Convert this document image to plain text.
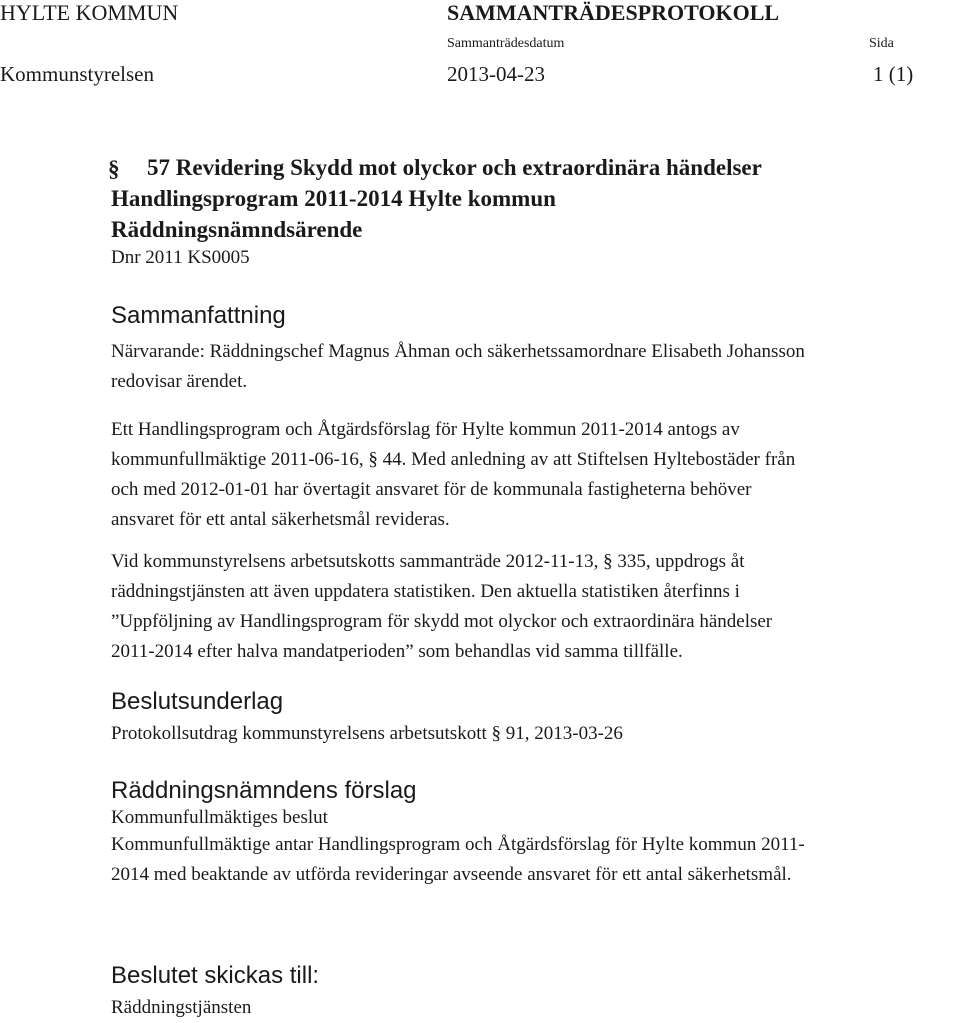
HYLTE KOMMUN	SAMMANTRÄDESPROTOKOLL
Sammanträdesdatum	Sida
Kommunstyrelsen	2013-04-23	1 (1)
§ 57 Revidering Skydd mot olyckor och extraordinära händelser
Handlingsprogram 2011-2014 Hylte kommun
Räddningsnämndsärende
Dnr 2011 KS0005
Sammanfattning
Närvarande: Räddningschef Magnus Åhman och säkerhetssamordnare Elisabeth Johansson
redovisar ärendet.
Ett Handlingsprogram och Åtgärdsförslag för Hylte kommun 2011-2014 antogs av
kommunfullmäktige 2011-06-16, § 44. Med anledning av att Stiftelsen Hyltebostäder från
och med 2012-01-01 har övertagit ansvaret för de kommunala fastigheterna behöver
ansvaret för ett antal säkerhetsmål revideras.
Vid kommunstyrelsens arbetsutskotts sammanträde 2012-11-13, § 335, uppdrogs åt
räddningstjänsten att även uppdatera statistiken. Den aktuella statistiken återfinns i
”Uppföljning av Handlingsprogram för skydd mot olyckor och extraordinära händelser
2011-2014 efter halva mandatperioden” som behandlas vid samma tillfälle.
Beslutsunderlag
Protokollsutdrag kommunstyrelsens arbetsutskott § 91, 2013-03-26
Räddningsnämndens förslag
Kommunfullmäktiges beslut
Kommunfullmäktige antar Handlingsprogram och Åtgärdsförslag för Hylte kommun 2011-
2014 med beaktande av utförda revideringar avseende ansvaret för ett antal säkerhetsmål.
Beslutet skickas till:
Räddningstjänsten
